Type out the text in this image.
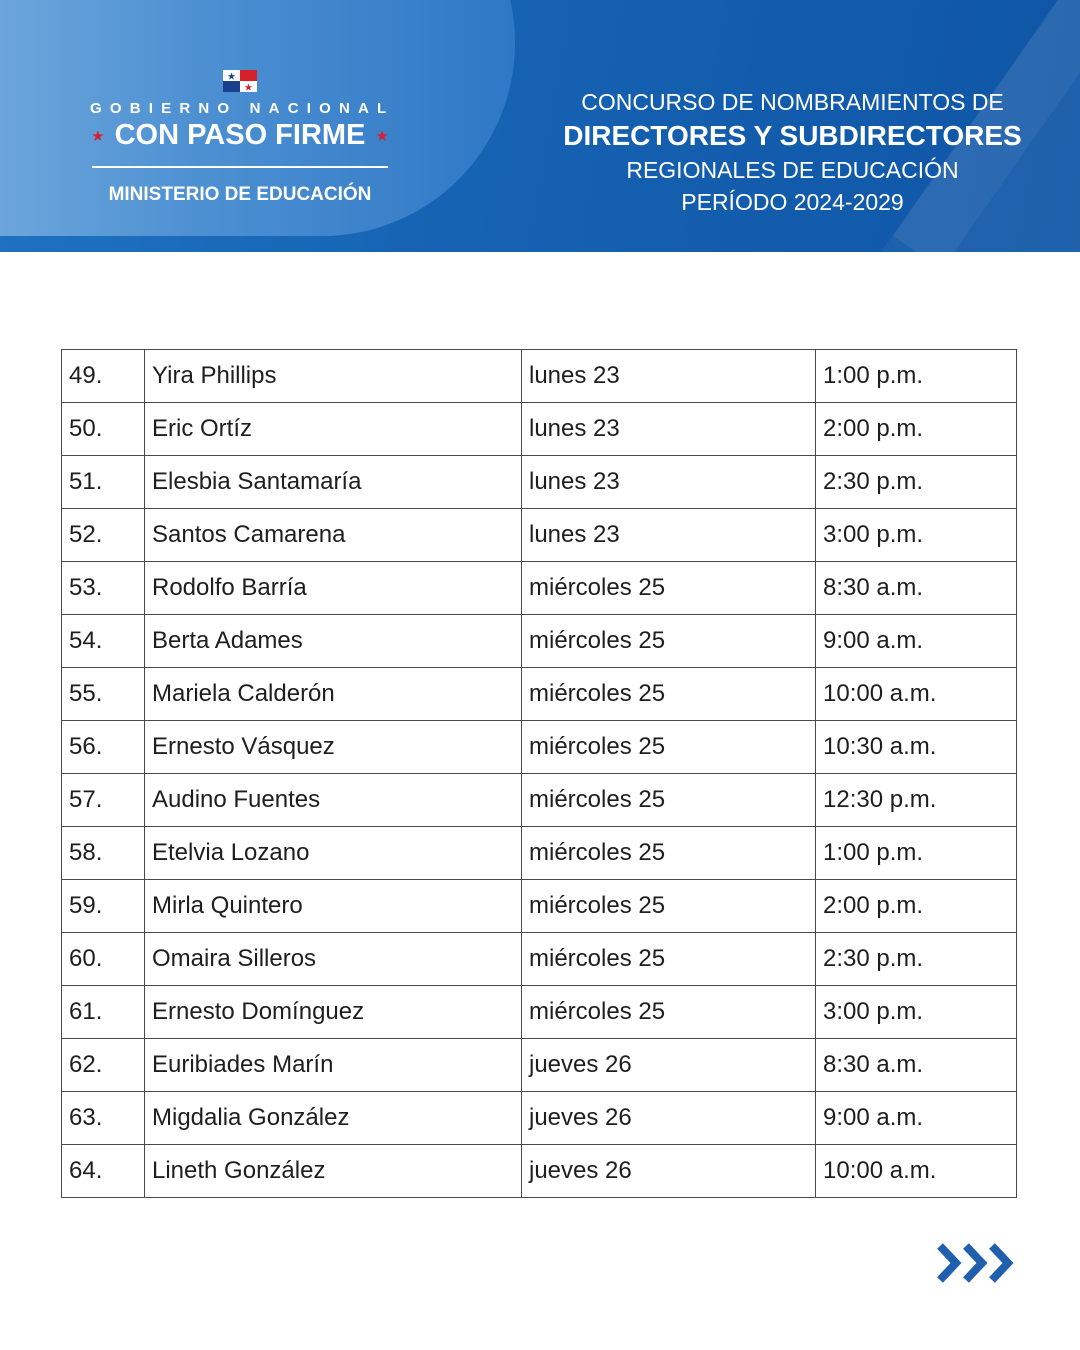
GOBIERNO NACIONAL
★ CON PASO FIRME ★
MINISTERIO DE EDUCACIÓN
CONCURSO DE NOMBRAMIENTOS DE
DIRECTORES Y SUBDIRECTORES
REGIONALES DE EDUCACIÓN
PERÍODO 2024-2029
49.	Yira Phillips	lunes 23	1:00 p.m.
50.	Eric Ortíz	lunes 23	2:00 p.m.
51.	Elesbia Santamaría	lunes 23	2:30 p.m.
52.	Santos Camarena	lunes 23	3:00 p.m.
53.	Rodolfo Barría	miércoles 25	8:30 a.m.
54.	Berta Adames	miércoles 25	9:00 a.m.
55.	Mariela Calderón	miércoles 25	10:00 a.m.
56.	Ernesto Vásquez	miércoles 25	10:30 a.m.
57.	Audino Fuentes	miércoles 25	12:30 p.m.
58.	Etelvia Lozano	miércoles 25	1:00 p.m.
59.	Mirla Quintero	miércoles 25	2:00 p.m.
60.	Omaira Silleros	miércoles 25	2:30 p.m.
61.	Ernesto Domínguez	miércoles 25	3:00 p.m.
62.	Euribiades Marín	jueves 26	8:30 a.m.
63.	Migdalia González	jueves 26	9:00 a.m.
64.	Lineth González	jueves 26	10:00 a.m.
